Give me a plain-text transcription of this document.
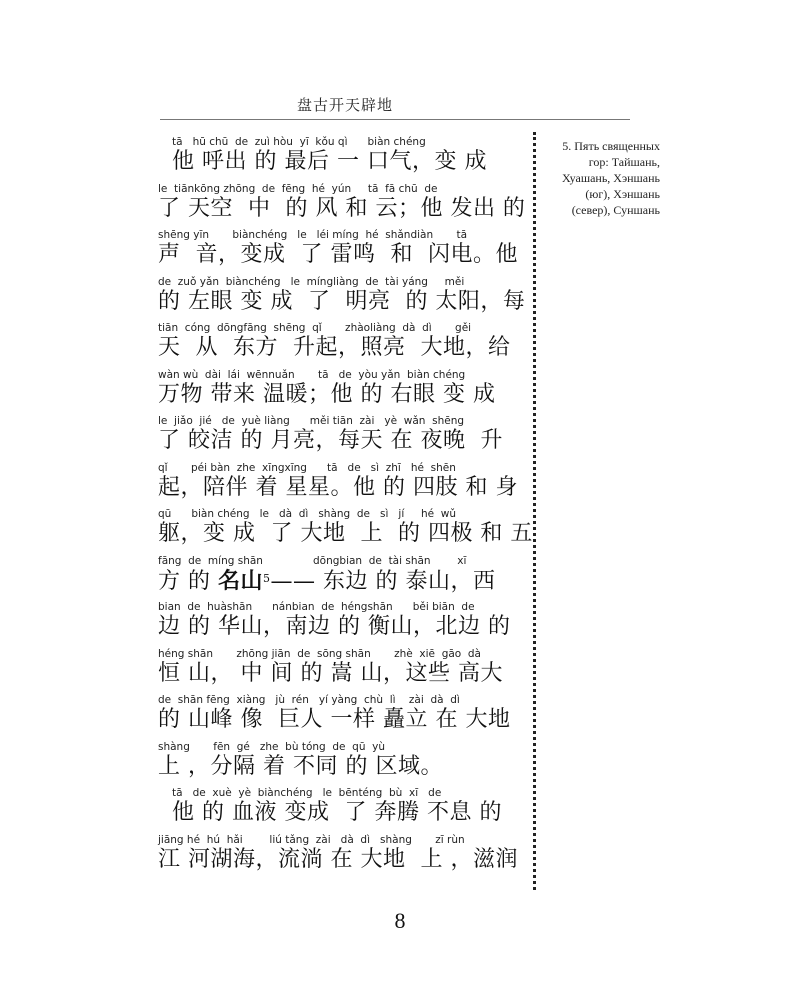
盘古开天辟地
tā   hū chū  de  zuì hòu  yī  kǒu qì      biàn chéng
他 呼出 的 最后 一 口气，变 成
le  tiānkōng zhōng  de  fēng  hé  yún     tā  fā chū  de
了 天空  中  的 风 和 云；他 发出 的
shēng yīn       biànchéng   le   léi míng  hé  shǎndiàn       tā
声  音，变成  了 雷鸣  和  闪电。他
de  zuǒ yǎn  biànchéng   le  míngliàng  de  tài yáng     měi
的 左眼 变 成  了  明亮  的 太阳，每
tiān  cóng  dōngfāng  shēng  qǐ       zhàoliàng  dà  dì       gěi
天  从  东方  升起，照亮  大地，给
wàn wù  dài  lái  wēnnuǎn       tā   de  yòu yǎn  biàn chéng
万物 带来 温暖；他 的 右眼 变 成
le  jiǎo  jié   de  yuè liàng      měi tiān  zài   yè  wǎn  shēng
了 皎洁 的 月亮，每天 在 夜晚  升
qǐ       péi bàn  zhe  xīngxīng      tā   de   sì  zhī   hé  shēn
起，陪伴 着 星星。他 的 四肢 和 身
qū      biàn chéng   le   dà  dì   shàng  de   sì   jí     hé  wǔ
躯，变 成  了 大地  上  的 四极 和 五
fāng  de  míng shān               dōngbian  de  tài shān        xī
方 的 名山$^5$—— 东边 的 泰山，西
bian  de  huàshān      nánbian  de  héngshān      běi biān  de
边 的 华山，南边 的 衡山，北边 的
héng shān       zhōng jiān  de  sōng shān       zhè  xiē  gāo  dà
恒 山， 中 间 的 嵩 山，这些 高大
de  shān fēng  xiàng   jù  rén   yí yàng  chù  lì    zài  dà  dì
的 山峰 像  巨人 一样 矗立 在 大地
shàng       fēn  gé   zhe  bù tóng  de  qū  yù
上 ，分隔 着 不同 的 区域。
tā   de  xuè  yè  biànchéng   le  bēnténg  bù  xī   de
他 的 血液 变成  了 奔腾 不息 的
jiāng hé  hú  hǎi        liú tǎng  zài   dà  dì   shàng       zī rùn
江 河湖海，流淌 在 大地  上 ，滋润
5. Пять священных
гор: Тайшань,
Хуашань, Хэншань
(юг), Хэншань
(север), Суншань
8
